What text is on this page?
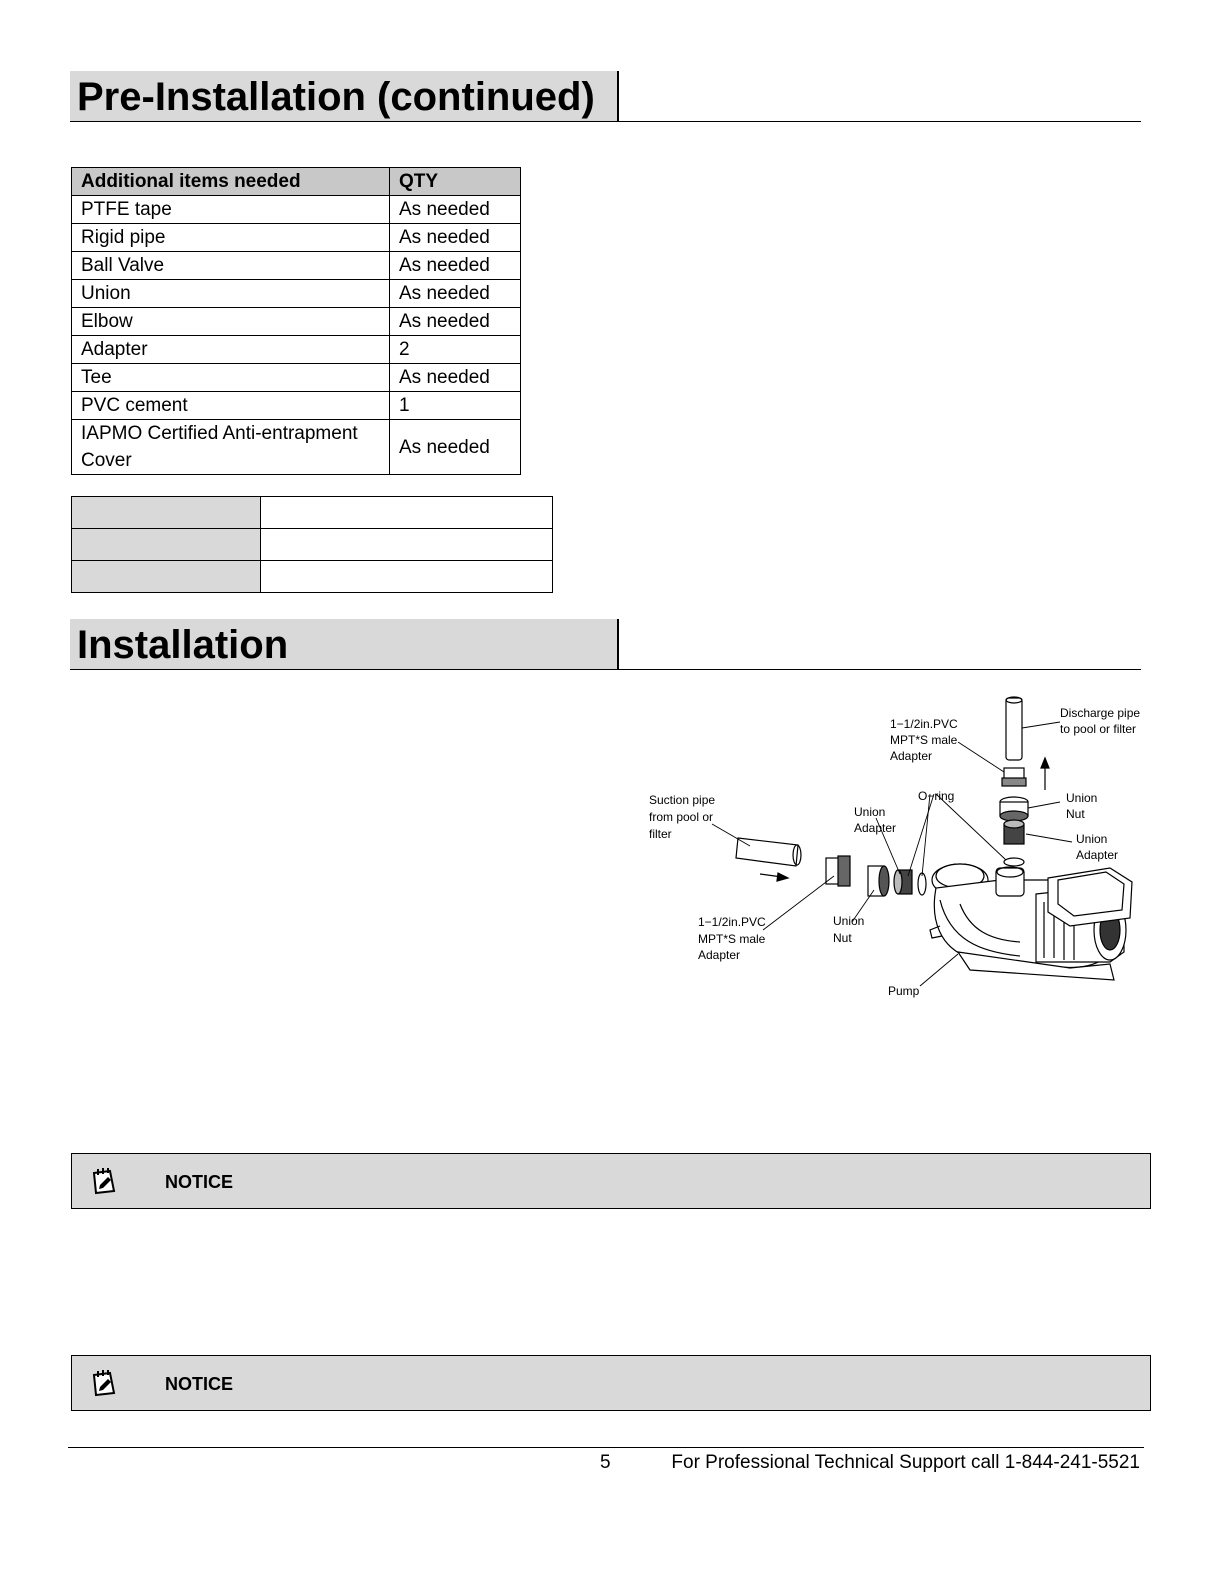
Pre-Installation (continued)
Additional items needed	QTY
PTFE tape	As needed
Rigid pipe	As needed
Ball Valve	As needed
Union	As needed
Elbow	As needed
Adapter	2
Tee	As needed
PVC cement	1
IAPMO Certified Anti-entrapment Cover	As needed

Installation
1−1/2in.PVC MPT*S male Adapter
Discharge pipe to pool or filter
Suction pipe from pool or filter
Union Adapter
O−ring	Union Nut
Union Adapter
1−1/2in.PVC MPT*S male Adapter
Union Nut
Pump
NOTICE
NOTICE
5	For Professional Technical Support call 1-844-241-5521
